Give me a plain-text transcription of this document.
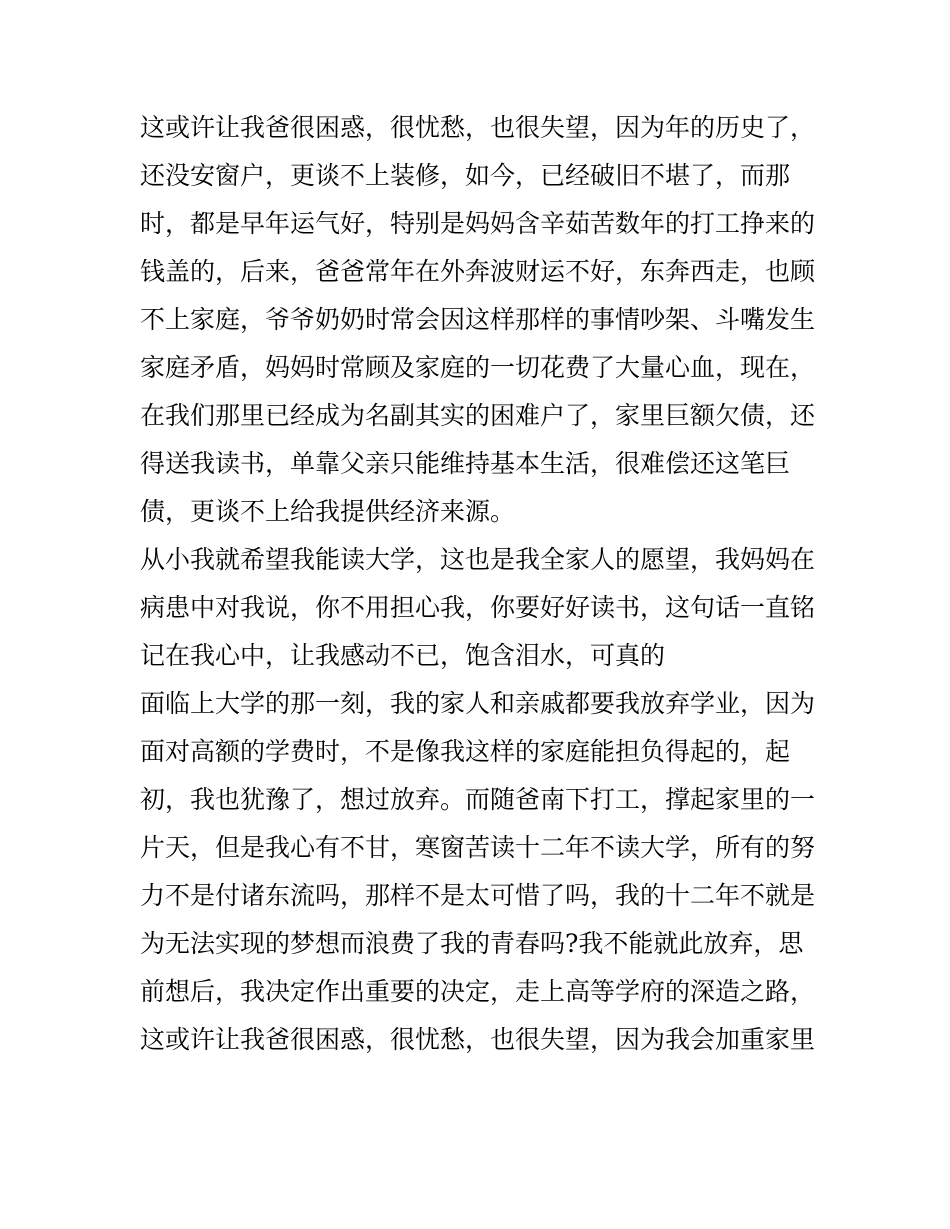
这或许让我爸很困惑，很忧愁，也很失望，因为年的历史了，
还没安窗户，更谈不上装修，如今，已经破旧不堪了，而那
时，都是早年运气好，特别是妈妈含辛茹苦数年的打工挣来的
钱盖的，后来，爸爸常年在外奔波财运不好，东奔西走，也顾
不上家庭，爷爷奶奶时常会因这样那样的事情吵架、斗嘴发生
家庭矛盾，妈妈时常顾及家庭的一切花费了大量心血，现在，
在我们那里已经成为名副其实的困难户了，家里巨额欠债，还
得送我读书，单靠父亲只能维持基本生活，很难偿还这笔巨
债，更谈不上给我提供经济来源。
从小我就希望我能读大学，这也是我全家人的愿望，我妈妈在
病患中对我说，你不用担心我，你要好好读书，这句话一直铭
记在我心中，让我感动不已，饱含泪水，可真的
面临上大学的那一刻，我的家人和亲戚都要我放弃学业，因为
面对高额的学费时，不是像我这样的家庭能担负得起的，起
初，我也犹豫了，想过放弃。而随爸南下打工，撑起家里的一
片天，但是我心有不甘，寒窗苦读十二年不读大学，所有的努
力不是付诸东流吗，那样不是太可惜了吗，我的十二年不就是
为无法实现的梦想而浪费了我的青春吗?我不能就此放弃，思
前想后，我决定作出重要的决定，走上高等学府的深造之路，
这或许让我爸很困惑，很忧愁，也很失望，因为我会加重家里
